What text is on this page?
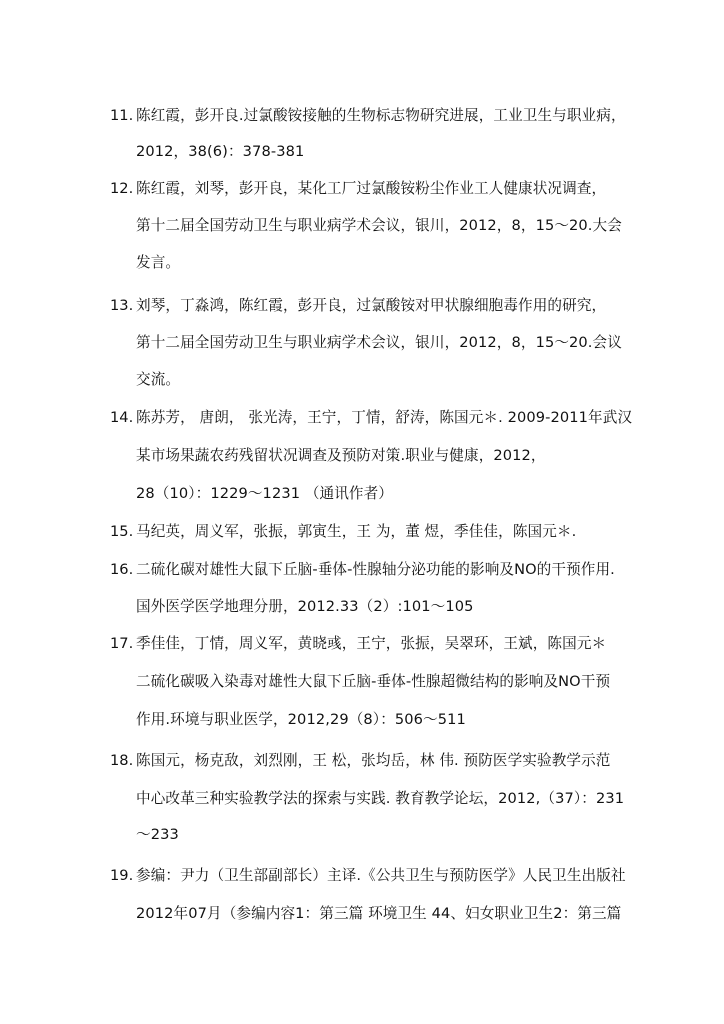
11. 陈红霞，彭开良.过氯酸铵接触的生物标志物研究进展，工业卫生与职业病，
2012，38(6)：378-381
12. 陈红霞，刘琴，彭开良，某化工厂过氯酸铵粉尘作业工人健康状况调查，
第十二届全国劳动卫生与职业病学术会议，银川，2012，8，15～20.大会
发言。
13. 刘琴，丁淼鸿，陈红霞，彭开良，过氯酸铵对甲状腺细胞毒作用的研究，
第十二届全国劳动卫生与职业病学术会议，银川，2012，8，15～20.会议
交流。
14. 陈苏芳， 唐朗， 张光涛，王宁，丁情，舒涛，陈国元＊. 2009-2011年武汉
某市场果蔬农药残留状况调查及预防对策.职业与健康，2012，
28（10）：1229～1231 （通讯作者）
15. 马纪英，周义军，张振，郭寅生，王 为，董 煜，季佳佳，陈国元＊.
16. 二硫化碳对雄性大鼠下丘脑-垂体-性腺轴分泌功能的影响及NO的干预作用.
国外医学医学地理分册，2012.33（2）:101～105
17. 季佳佳，丁情，周义军，黄晓彧，王宁，张振，吴翠环，王斌，陈国元＊
二硫化碳吸入染毒对雄性大鼠下丘脑-垂体-性腺超微结构的影响及NO干预
作用.环境与职业医学，2012,29（8）：506～511
18. 陈国元，杨克敌，刘烈刚，王 松，张均岳，林 伟. 预防医学实验教学示范
中心改革三种实验教学法的探索与实践. 教育教学论坛，2012,（37）：231
～233
19. 参编：尹力（卫生部副部长）主译.《公共卫生与预防医学》人民卫生出版社
2012年07月（参编内容1：第三篇 环境卫生 44、妇女职业卫生2：第三篇
